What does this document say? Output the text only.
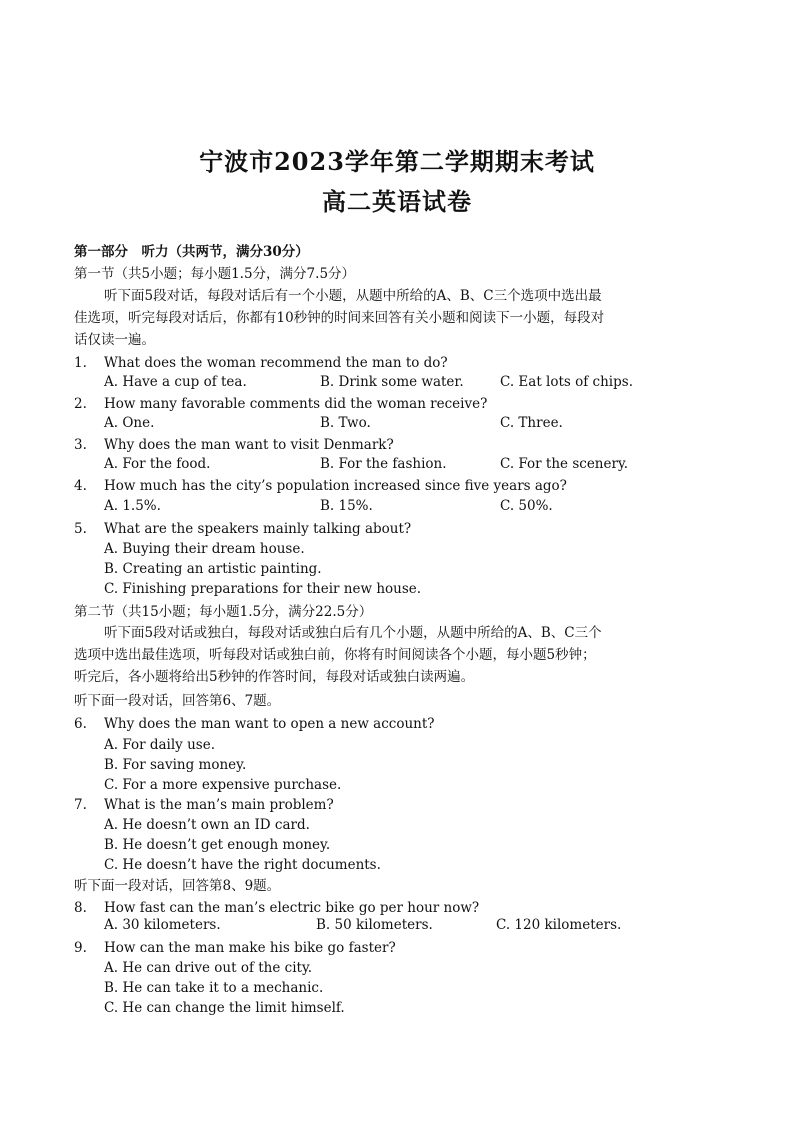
宁波市2023学年第二学期期末考试
高二英语试卷
第一部分　听力（共两节，满分30分）
第一节（共5小题；每小题1.5分，满分7.5分）
听下面5段对话，每段对话后有一个小题，从题中所给的A、B、C三个选项中选出最
佳选项，听完每段对话后，你都有10秒钟的时间来回答有关小题和阅读下一小题，每段对
话仅读一遍。
1. What does the woman recommend the man to do?
A. Have a cup of tea.	B. Drink some water.	C. Eat lots of chips.
2. How many favorable comments did the woman receive?
A. One.	B. Two.	C. Three.
3. Why does the man want to visit Denmark?
A. For the food.	B. For the fashion.	C. For the scenery.
4. How much has the city’s population increased since five years ago?
A. 1.5%.	B. 15%.	C. 50%.
5. What are the speakers mainly talking about?
A. Buying their dream house.
B. Creating an artistic painting.
C. Finishing preparations for their new house.
第二节（共15小题；每小题1.5分，满分22.5分）
听下面5段对话或独白，每段对话或独白后有几个小题，从题中所给的A、B、C三个
选项中选出最佳选项，听每段对话或独白前，你将有时间阅读各个小题，每小题5秒钟；
听完后，各小题将给出5秒钟的作答时间，每段对话或独白读两遍。
听下面一段对话，回答第6、7题。
6. Why does the man want to open a new account?
A. For daily use.
B. For saving money.
C. For a more expensive purchase.
7. What is the man’s main problem?
A. He doesn’t own an ID card.
B. He doesn’t get enough money.
C. He doesn’t have the right documents.
听下面一段对话，回答第8、9题。
8. How fast can the man’s electric bike go per hour now?
A. 30 kilometers.	B. 50 kilometers.	C. 120 kilometers.
9. How can the man make his bike go faster?
A. He can drive out of the city.
B. He can take it to a mechanic.
C. He can change the limit himself.
